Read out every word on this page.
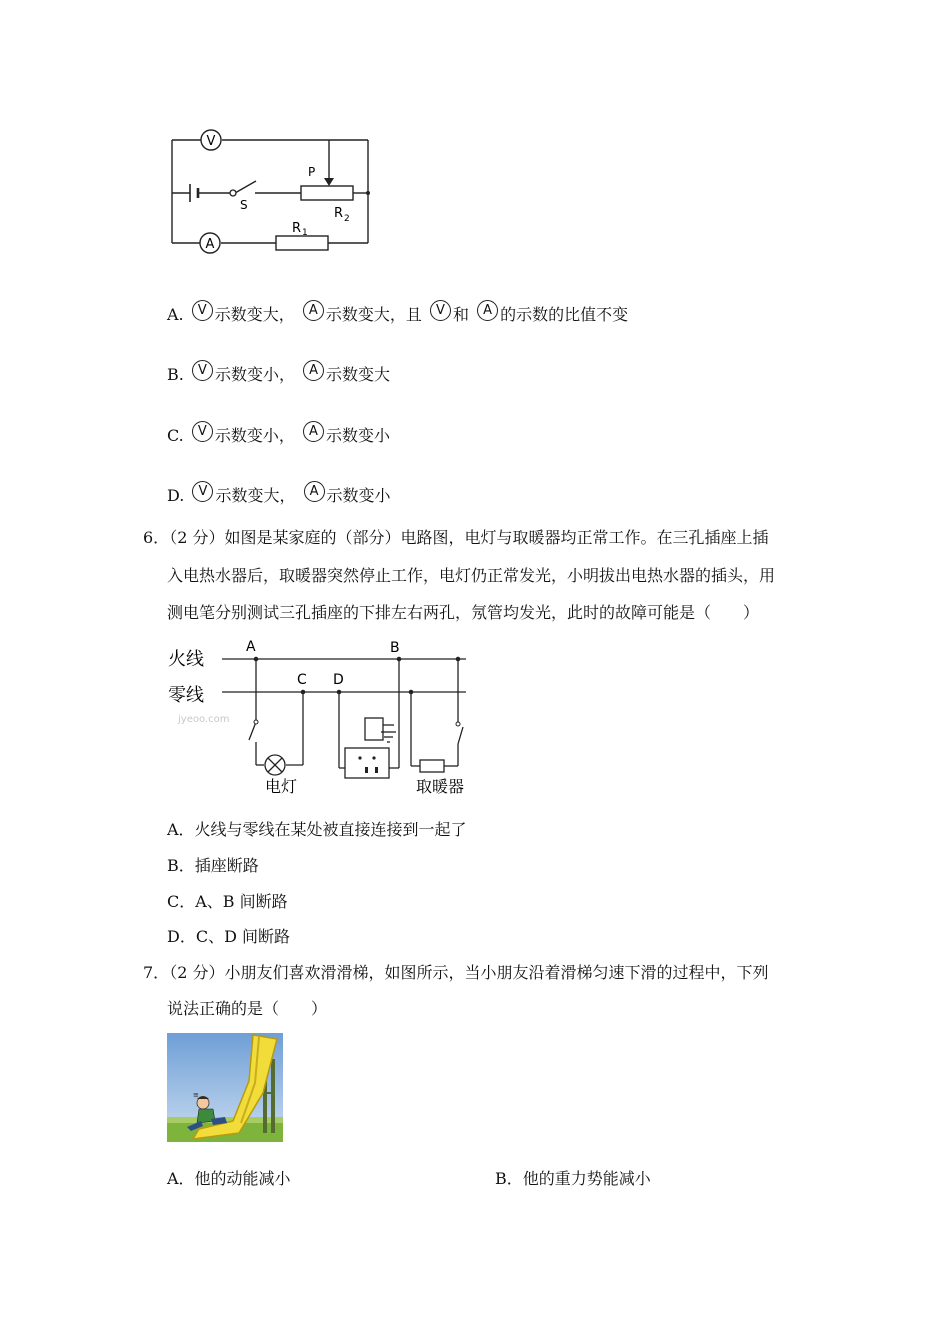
V
A
P
S
R 1
R 2
A. V 示数变大， A 示数变大，且 V 和 A 的示数的比值不变
B. V 示数变小， A 示数变大
C. V 示数变小， A 示数变小
D. V 示数变大， A 示数变小
6．（2 分）如图是某家庭的（部分）电路图，电灯与取暖器均正常工作。在三孔插座上插
入电热水器后，取暖器突然停止工作，电灯仍正常发光，小明拔出电热水器的插头，用
测电笔分别测试三孔插座的下排左右两孔，氖管均发光，此时的故障可能是（　　）
火线
零线
jyeoo.com
A	B
C D
电灯	取暖器
A．火线与零线在某处被直接连接到一起了
B．插座断路
C．A、B 间断路
D．C、D 间断路
7．（2 分）小朋友们喜欢滑滑梯，如图所示，当小朋友沿着滑梯匀速下滑的过程中，下列
说法正确的是（　　）
≡
A．他的动能减小	B．他的重力势能减小
